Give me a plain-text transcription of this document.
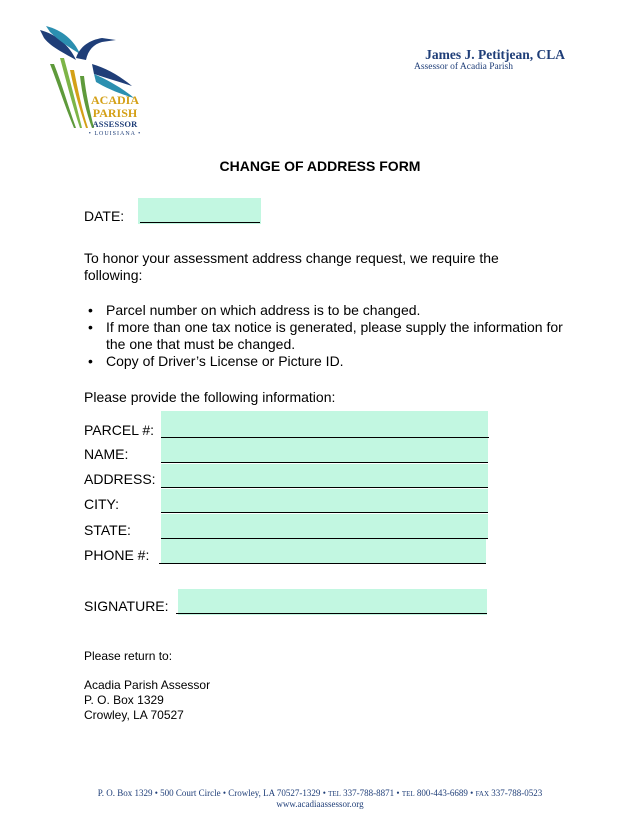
ACADIA
PARISH
ASSESSOR
• LOUISIANA •
James J. Petitjean, CLA
Assessor of Acadia Parish
CHANGE OF ADDRESS FORM
DATE:
To honor your assessment address change request, we require the following:
• Parcel number on which address is to be changed.
• If more than one tax notice is generated, please supply the information for the one that must be changed.
• Copy of Driver’s License or Picture ID.
Please provide the following information:
PARCEL #:
NAME:
ADDRESS:
CITY:
STATE:
PHONE #:
SIGNATURE:
Please return to:
Acadia Parish Assessor
P. O. Box 1329
Crowley, LA 70527
P. O. Box 1329 • 500 Court Circle • Crowley, LA 70527-1329 • TEL 337-788-8871 • TEL 800-443-6689 • FAX 337-788-0523
www.acadiaassessor.org
